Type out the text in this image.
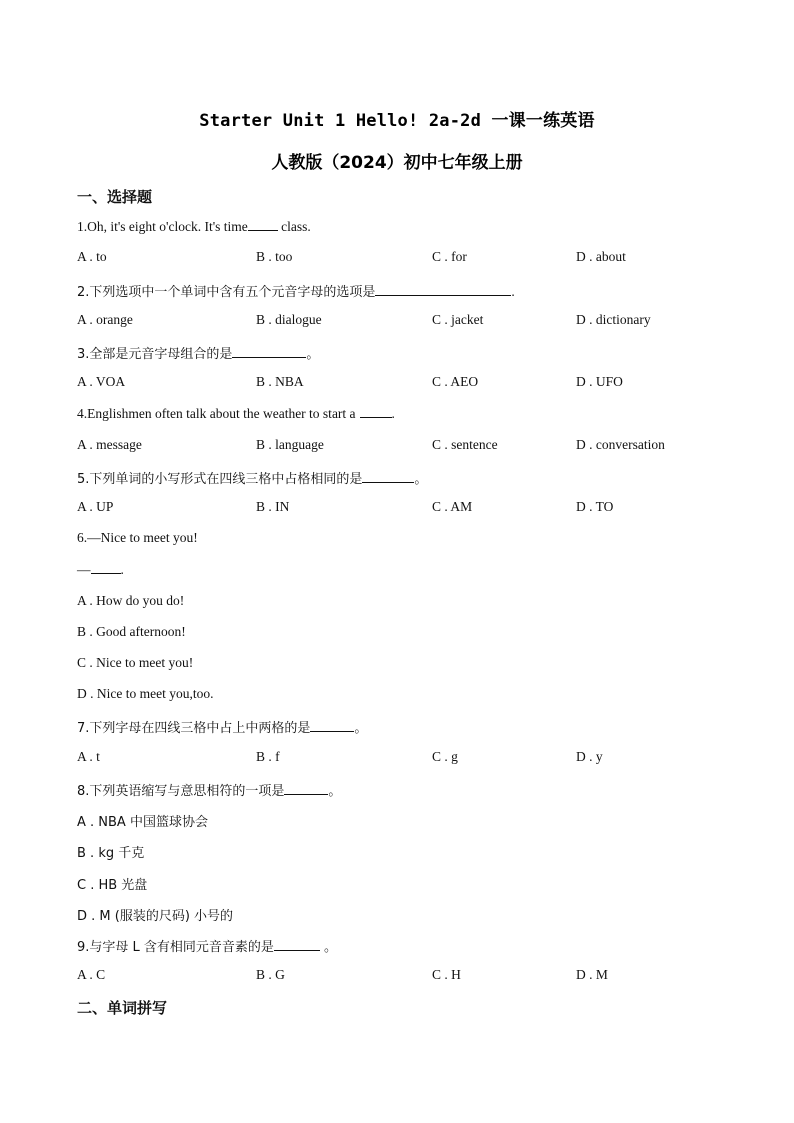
Starter Unit 1 Hello! 2a-2d 一课一练英语
人教版（2024）初中七年级上册
一、选择题
1.Oh, it's eight o'clock. It's time class.
A . to	B . too	C . for	D . about
2.下列选项中一个单词中含有五个元音字母的选项是	.
A . orange	B . dialogue	C . jacket	D . dictionary
3.全部是元音字母组合的是	。
A . VOA	B . NBA	C . AEO	D . UFO
4.Englishmen often talk about the weather to start a	.
A . message	B . language	C . sentence	D . conversation
5.下列单词的小写形式在四线三格中占格相同的是	。
A . UP	B . IN	C . AM	D . TO
6.—Nice to meet you!
— .
A . How do you do!
B . Good afternoon!
C . Nice to meet you!
D . Nice to meet you,too.
7.下列字母在四线三格中占上中两格的是	。
A . t	B . f	C . g	D . y
8.下列英语缩写与意思相符的一项是	。
A . NBA 中国篮球协会
B . kg 千克
C . HB 光盘
D . M (服装的尺码) 小号的
9.与字母 L 含有相同元音音素的是	。
A . C	B . G	C . H	D . M
二、单词拼写
